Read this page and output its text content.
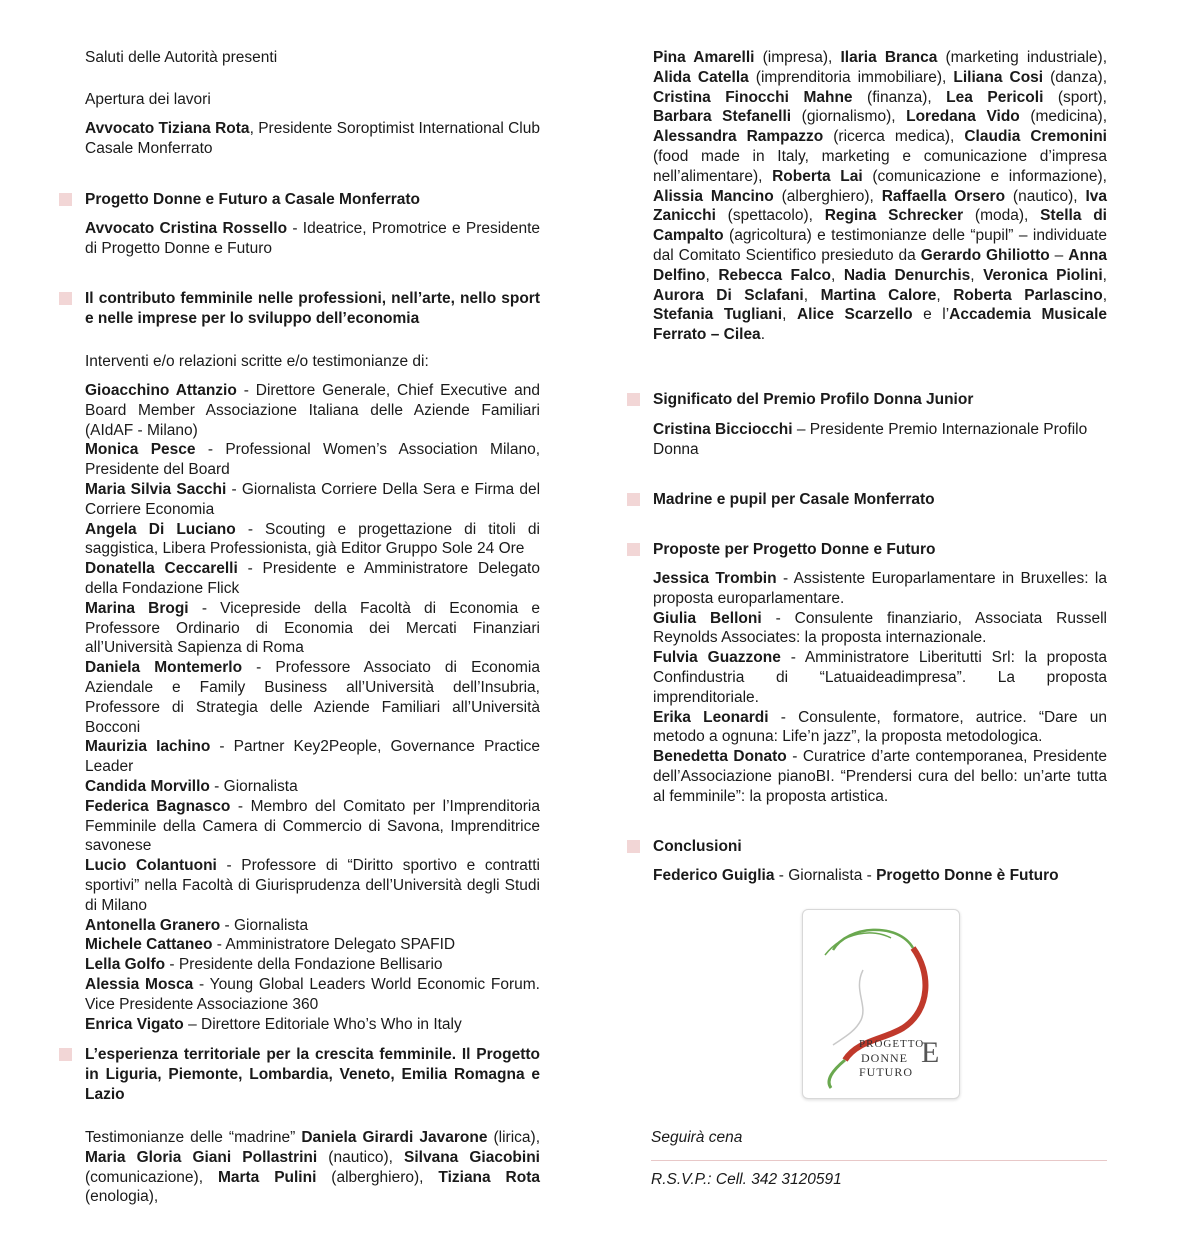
Saluti delle Autorità presenti

Apertura dei lavori

Avvocato Tiziana Rota, Presidente Soroptimist International Club Casale Monferrato

Progetto Donne e Futuro a Casale Monferrato

Avvocato Cristina Rossello - Ideatrice, Promotrice e Presidente di Progetto Donne e Futuro

Il contributo femminile nelle professioni, nell’arte, nello sport e nelle imprese per lo sviluppo dell’economia

Interventi e/o relazioni scritte e/o testimonianze di:

Gioacchino Attanzio - Direttore Generale, Chief Executive and Board Member Associazione Italiana delle Aziende Familiari (AIdAF - Milano)

Monica Pesce - Professional Women’s Association Milano, Presidente del Board

Maria Silvia Sacchi - Giornalista Corriere Della Sera e Firma del Corriere Economia

Angela Di Luciano - Scouting e progettazione di titoli di saggistica, Libera Professionista, già Editor Gruppo Sole 24 Ore

Donatella Ceccarelli - Presidente e Amministratore Delegato della Fondazione Flick

Marina Brogi - Vicepreside della Facoltà di Economia e Professore Ordinario di Economia dei Mercati Finanziari all’Università Sapienza di Roma

Daniela Montemerlo - Professore Associato di Economia Aziendale e Family Business all’Università dell’Insubria, Professore di Strategia delle Aziende Familiari all’Università Bocconi

Maurizia Iachino - Partner Key2People, Governance Practice Leader

Candida Morvillo - Giornalista

Federica Bagnasco - Membro del Comitato per l’Imprenditoria Femminile della Camera di Commercio di Savona, Imprenditrice savonese

Lucio Colantuoni - Professore di “Diritto sportivo e contratti sportivi” nella Facoltà di Giurisprudenza dell’Università degli Studi di Milano

Antonella Granero - Giornalista

Michele Cattaneo - Amministratore Delegato SPAFID

Lella Golfo - Presidente della Fondazione Bellisario

Alessia Mosca - Young Global Leaders World Economic Forum. Vice Presidente Associazione 360

Enrica Vigato – Direttore Editoriale Who’s Who in Italy

L’esperienza territoriale per la crescita femminile. Il Progetto in Liguria, Piemonte, Lombardia, Veneto, Emilia Romagna e Lazio

Testimonianze delle “madrine” Daniela Girardi Javarone (lirica), Maria Gloria Giani Pollastrini (nautico), Silvana Giacobini (comunicazione), Marta Pulini (alberghiero), Tiziana Rota (enologia),

Pina Amarelli (impresa), Ilaria Branca (marketing industriale), Alida Catella (imprenditoria immobiliare), Liliana Cosi (danza), Cristina Finocchi Mahne (finanza), Lea Pericoli (sport), Barbara Stefanelli (giornalismo), Loredana Vido (medicina), Alessandra Rampazzo (ricerca medica), Claudia Cremonini (food made in Italy, marketing e comunicazione d’impresa nell’alimentare), Roberta Lai (comunicazione e informazione), Alissia Mancino (alberghiero), Raffaella Orsero (nautico), Iva Zanicchi (spettacolo), Regina Schrecker (moda), Stella di Campalto (agricoltura) e testimonianze delle “pupil” – individuate dal Comitato Scientifico presieduto da Gerardo Ghiliotto – Anna Delfino, Rebecca Falco, Nadia Denurchis, Veronica Piolini, Aurora Di Sclafani, Martina Calore, Roberta Parlascino, Stefania Tugliani, Alice Scarzello e l’Accademia Musicale Ferrato – Cilea.

Significato del Premio Profilo Donna Junior

Cristina Bicciocchi – Presidente Premio Internazionale Profilo Donna

Madrine e pupil per Casale Monferrato
Proposte per Progetto Donne e Futuro

Jessica Trombin - Assistente Europarlamentare in Bruxelles: la proposta europarlamentare.

Giulia Belloni - Consulente finanziario, Associata Russell Reynolds Associates: la proposta internazionale.

Fulvia Guazzone - Amministratore Liberitutti Srl: la proposta Confindustria di “Latuaideadimpresa”. La proposta imprenditoriale.

Erika Leonardi - Consulente, formatore, autrice. “Dare un metodo a ognuna: Life’n jazz”, la proposta metodologica.

Benedetta Donato - Curatrice d’arte contemporanea, Presidente dell’Associazione pianoBI. “Prendersi cura del bello: un’arte tutta al femminile”: la proposta artistica.

Conclusioni

Federico Guiglia - Giornalista - Progetto Donne è Futuro

PROGETTO
DONNE
FUTURO
E

Seguirà cena

R.S.V.P.: Cell. 342 3120591
